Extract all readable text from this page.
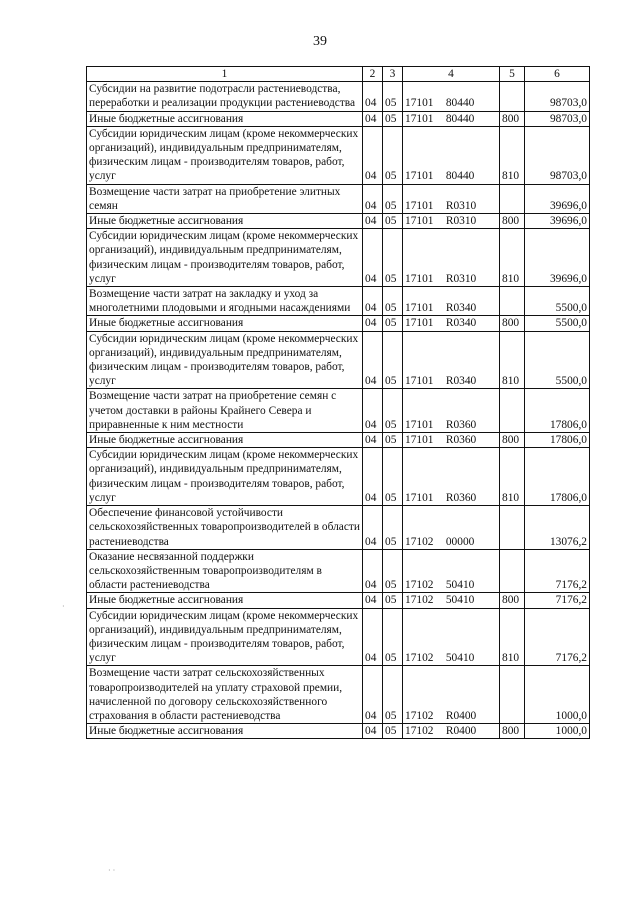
39
1	2	3	4	5	6
Субсидии на развитие подотрасли растениеводства, переработки и реализации продукции растениеводства	04	05	17101 80440		98703,0
Иные бюджетные ассигнования	04	05	17101 80440	800	98703,0
Субсидии юридическим лицам (кроме некоммерческих организаций), индивидуальным предпринимателям, физическим лицам - производителям товаров, работ, услуг	04	05	17101 80440	810	98703,0
Возмещение части затрат на приобретение элитных семян	04	05	17101 R0310		39696,0
Иные бюджетные ассигнования	04	05	17101 R0310	800	39696,0
Субсидии юридическим лицам (кроме некоммерческих организаций), индивидуальным предпринимателям, физическим лицам - производителям товаров, работ, услуг	04	05	17101 R0310	810	39696,0
Возмещение части затрат на закладку и уход за многолетними плодовыми и ягодными насаждениями	04	05	17101 R0340		5500,0
Иные бюджетные ассигнования	04	05	17101 R0340	800	5500,0
Субсидии юридическим лицам (кроме некоммерческих организаций), индивидуальным предпринимателям, физическим лицам - производителям товаров, работ, услуг	04	05	17101 R0340	810	5500,0
Возмещение части затрат на приобретение семян с учетом доставки в районы Крайнего Севера и приравненные к ним местности	04	05	17101 R0360		17806,0
Иные бюджетные ассигнования	04	05	17101 R0360	800	17806,0
Субсидии юридическим лицам (кроме некоммерческих организаций), индивидуальным предпринимателям, физическим лицам - производителям товаров, работ, услуг	04	05	17101 R0360	810	17806,0
Обеспечение финансовой устойчивости сельскохозяйственных товаропроизводителей в области растениеводства	04	05	17102 00000		13076,2
Оказание несвязанной поддержки сельскохозяйственным товаропроизводителям в области растениеводства	04	05	17102 50410		7176,2
Иные бюджетные ассигнования	04	05	17102 50410	800	7176,2
Субсидии юридическим лицам (кроме некоммерческих организаций), индивидуальным предпринимателям, физическим лицам - производителям товаров, работ, услуг	04	05	17102 50410	810	7176,2
Возмещение части затрат сельскохозяйственных товаропроизводителей на уплату страховой премии, начисленной по договору сельскохозяйственного страхования в области растениеводства	04	05	17102 R0400		1000,0
Иные бюджетные ассигнования	04	05	17102 R0400	800	1000,0
·
· ·
